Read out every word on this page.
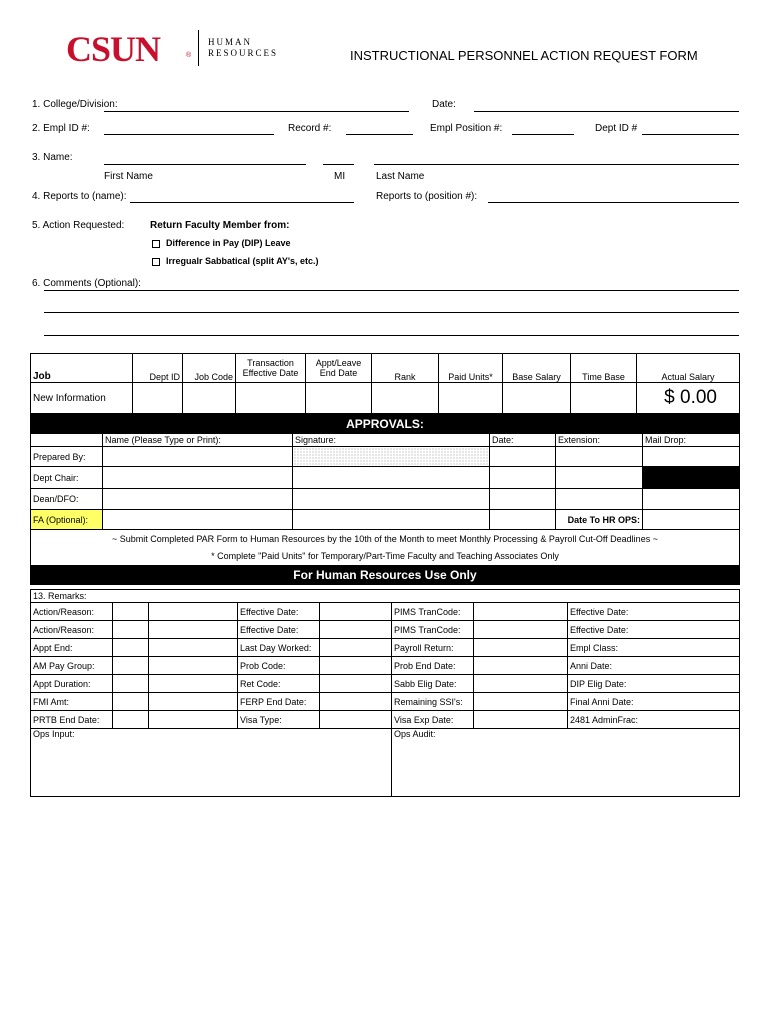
CSUN	®
HUMAN
RESOURCES	INSTRUCTIONAL PERSONNEL ACTION REQUEST FORM
1. College/Division:	Date:
2. Empl ID #:	Record #:	Empl Position #:	Dept ID #
3. Name:
First Name	MI	Last Name
4. Reports to (name):	Reports to (position #):
5. Action Requested:	Return Faculty Member from:
Difference in Pay (DIP) Leave
Irregualr Sabbatical (split AY's, etc.)
6. Comments (Optional):
Job	Dept ID	Job Code	Transaction Effective Date	Appt/Leave End Date	Rank	Paid Units*	Base Salary	Time Base	Actual Salary
New Information									$ 0.00
APPROVALS:					
	Name (Please Type or Print):	Signature:	Date:	Extension:	Mail Drop:
Prepared By:					
Dept Chair:					
Dean/DFO:					
FA (Optional):				Date To HR OPS:	

~ Submit Completed PAR Form to Human Resources by the 10th of the Month to meet Monthly Processing & Payroll Cut-Off Deadlines ~
* Complete "Paid Units" for Temporary/Part-Time Faculty and Teaching Associates Only					

For Human Resources Use Only					
13. Remarks:							
Action/Reason:			Effective Date:		PIMS TranCode:		Effective Date:
Action/Reason:			Effective Date:		PIMS TranCode:		Effective Date:
Appt End:			Last Day Worked:		Payroll Return:		Empl Class:
AM Pay Group:			Prob Code:		Prob End Date:		Anni Date:
Appt Duration:			Ret Code:		Sabb Elig Date:		DIP Elig Date:
FMI Amt:			FERP End Date:		Remaining SSI's:		Final Anni Date:
PRTB End Date:			Visa Type:		Visa Exp Date:		2481 AdminFrac:
Ops Input:					Ops Audit:		
